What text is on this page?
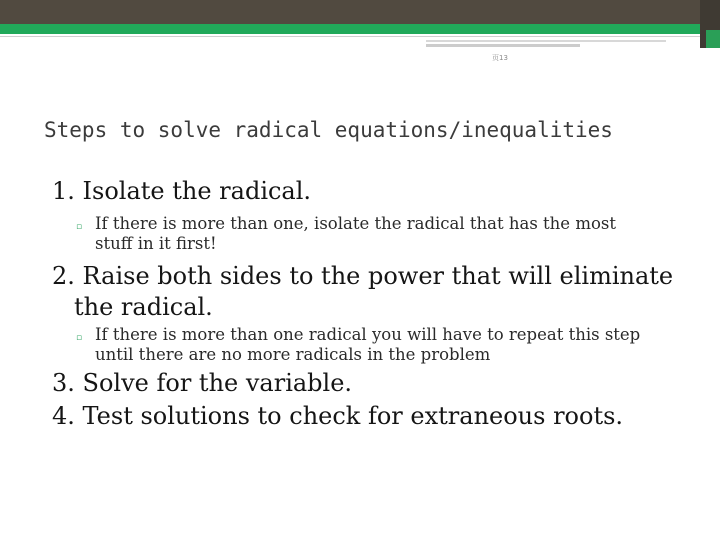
页13
Steps to solve radical equations/inequalities
1. Isolate the radical.
▫ If there is more than one, isolate the radical that has the most stuff in it first!
2. Raise both sides to the power that will eliminate the radical.
▫ If there is more than one radical you will have to repeat this step until there are no more radicals in the problem
3. Solve for the variable.
4. Test solutions to check for extraneous roots.
